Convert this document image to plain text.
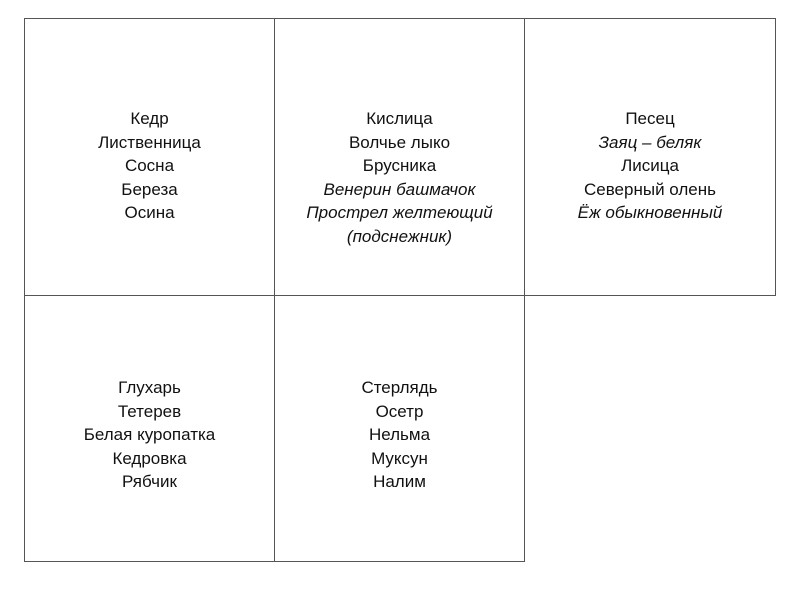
Кедр
Лиственница
Сосна
Береза
Осина
Кислица
Волчье лыко
Брусника
Венерин башмачок
Прострел желтеющий
(подснежник)
Песец
Заяц – беляк
Лисица
Северный олень
Ёж обыкновенный
Глухарь
Тетерев
Белая куропатка
Кедровка
Рябчик
Стерлядь
Осетр
Нельма
Муксун
Налим
